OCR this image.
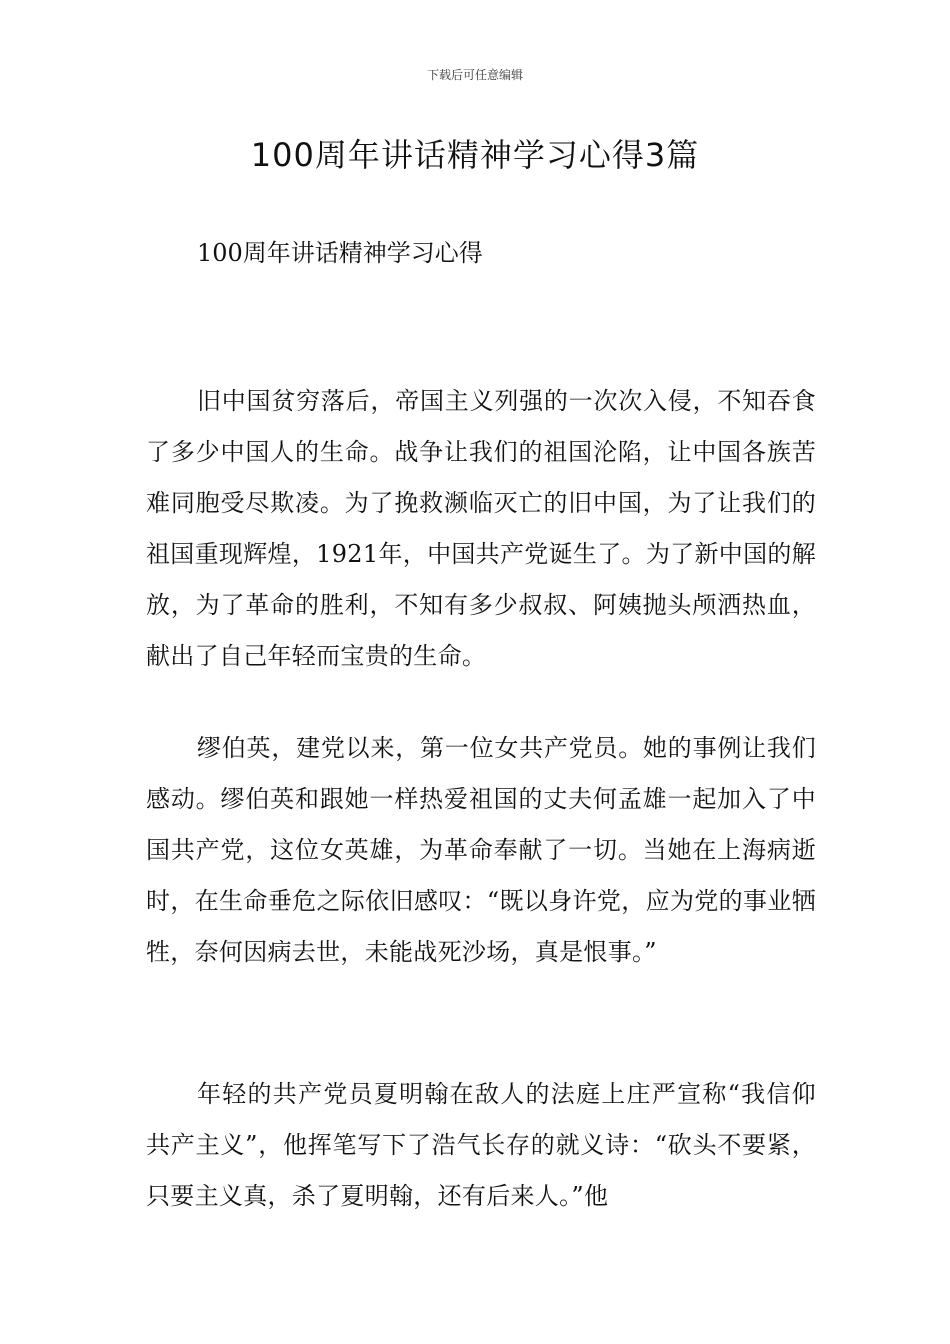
下载后可任意编辑
100周年讲话精神学习心得3篇

100周年讲话精神学习心得

旧中国贫穷落后，帝国主义列强的一次次入侵，不知吞食了多少中国人的生命。战争让我们的祖国沦陷，让中国各族苦难同胞受尽欺凌。为了挽救濒临灭亡的旧中国，为了让我们的祖国重现辉煌，1921年，中国共产党诞生了。为了新中国的解放，为了革命的胜利，不知有多少叔叔、阿姨抛头颅洒热血，献出了自己年轻而宝贵的生命。

缪伯英，建党以来，第一位女共产党员。她的事例让我们感动。缪伯英和跟她一样热爱祖国的丈夫何孟雄一起加入了中国共产党，这位女英雄，为革命奉献了一切。当她在上海病逝时，在生命垂危之际依旧感叹：“既以身许党，应为党的事业牺牲，奈何因病去世，未能战死沙场，真是恨事。”

年轻的共产党员夏明翰在敌人的法庭上庄严宣称“我信仰共产主义”，他挥笔写下了浩气长存的就义诗：“砍头不要紧，只要主义真，杀了夏明翰，还有后来人。”他
